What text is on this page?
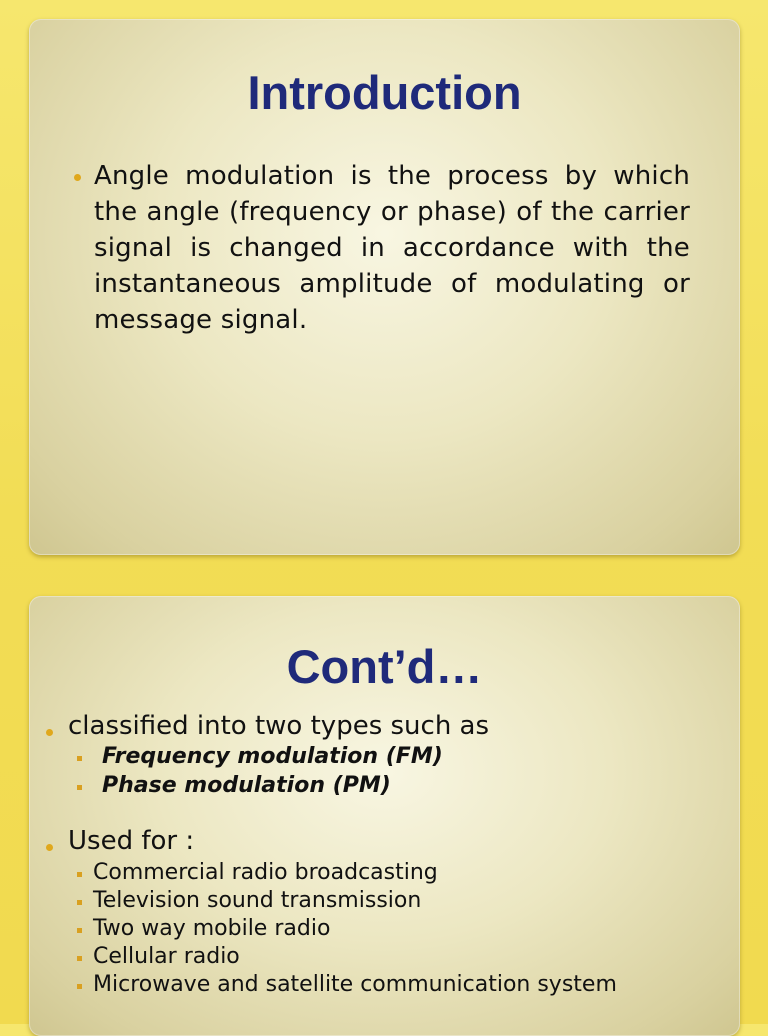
Introduction
Angle modulation is the process by which the angle (frequency or phase) of the carrier signal is changed in accordance with the instantaneous amplitude of modulating or message signal.
Cont’d…
classified into two types such as
Frequency modulation (FM)
Phase modulation (PM)
Used for :
Commercial radio broadcasting
Television sound transmission
Two way mobile radio
Cellular radio
Microwave and satellite communication system
